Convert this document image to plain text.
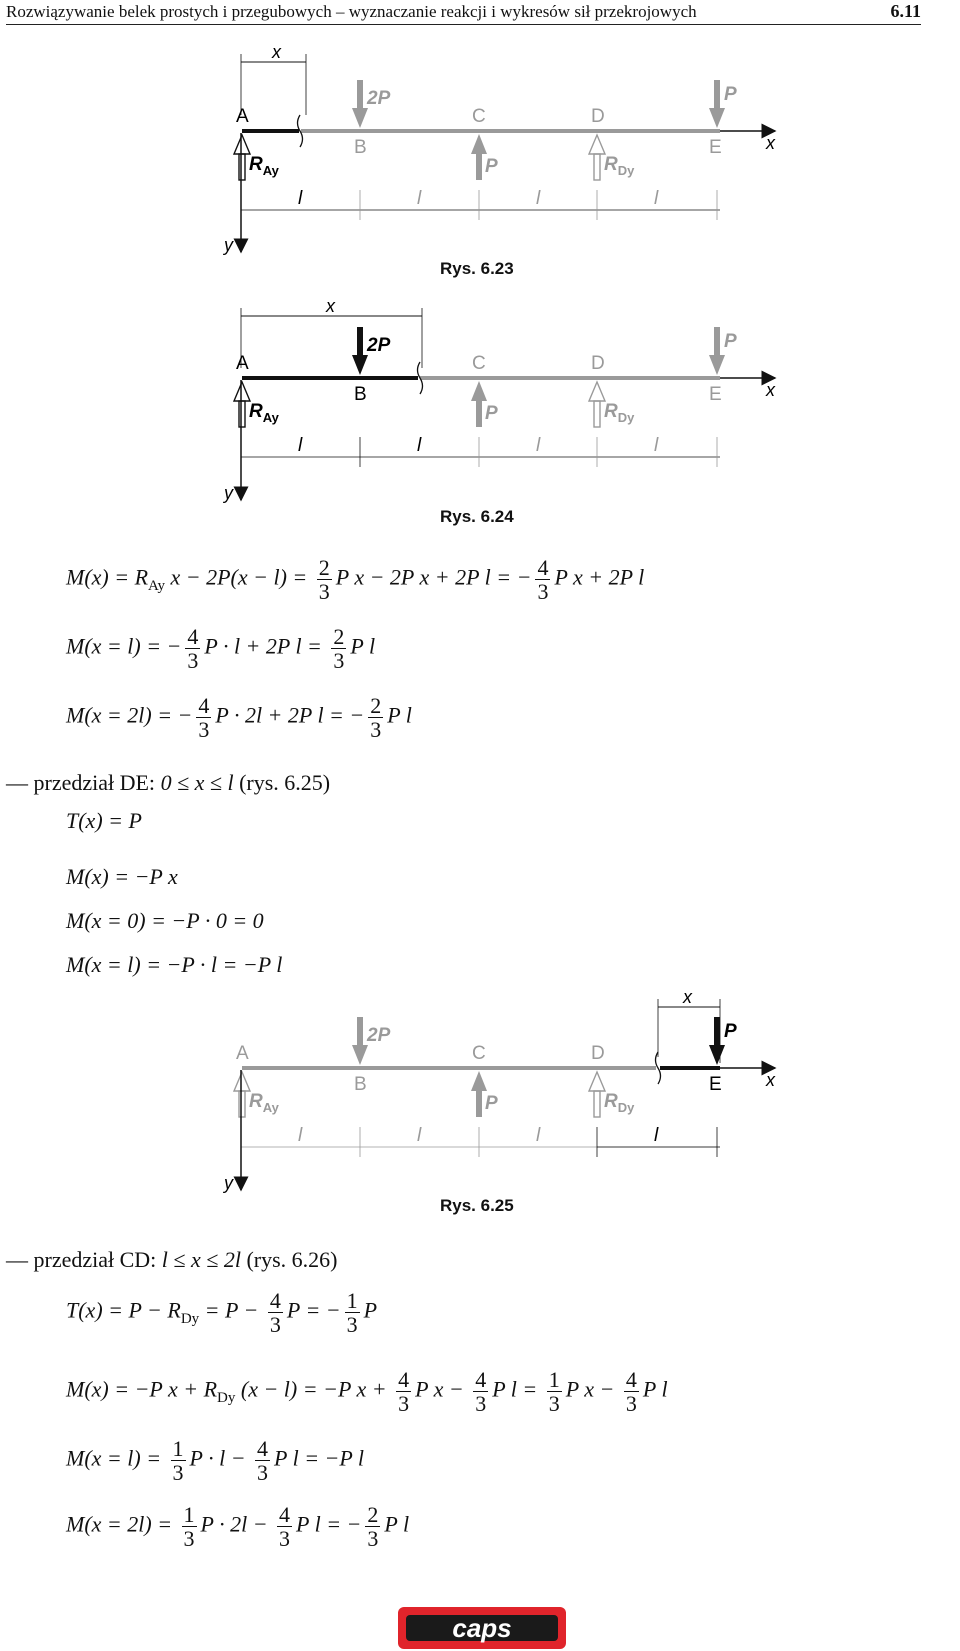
Rozwiązywanie belek prostych i przegubowych – wyznaczanie reakcji i wykresów sił przekrojowych	6.11
x
x
A
B
C	D
E
2P	P
P
$R_{Ay}$	$R_{Dy}$
l	l	l	l
y
Rys. 6.23
x
x
A
B
C	D
E
2P	P
P
$R_{Ay}$	$R_{Dy}$
l	l	l	l
y
Rys. 6.24
$M(x) = R_{Ay}$ $x - 2P(x - l) = \frac{2}{3}$ P x − 2P x + 2P l = − $\frac{4}{3}$ P x + 2P l
M(x = l) = − $\frac{4}{3}$ P · l + 2P $l = \frac{2}{3}$ P l
M(x = 2l) = − $\frac{4}{3}$ P · 2l + 2P l = − $\frac{2}{3}$ P l
— przedział DE: 0 ≤ x ≤ l (rys. 6.25)
T(x) = P
M(x) = −P x
M(x = 0) = −P · 0 = 0
M(x = l) = −P · l = −P l
x
x
A
B
C	D
E
2P	P
P
$R_{Ay}$	$R_{Dy}$
l	l	l	l
y
Rys. 6.25
— przedział CD: l ≤ x ≤ 2l (rys. 6.26)
$T(x) = P - R_{Dy} = P - \frac{4}{3}$ P = − $\frac{1}{3}$ P
M(x) = −P $x + R_{Dy}$ (x − l) = −P $x + \frac{4}{3}$ P $x - \frac{4}{3}$ P $l = \frac{1}{3}$ P $x - \frac{4}{3}$ P l
$M(x = l) = \frac{1}{3}$ $P \cdot l - \frac{4}{3}$ P l = −P l
$M(x = 2l) = \frac{1}{3}$ $P \cdot 2l - \frac{4}{3}$ P l = − $\frac{2}{3}$ P l
caps
